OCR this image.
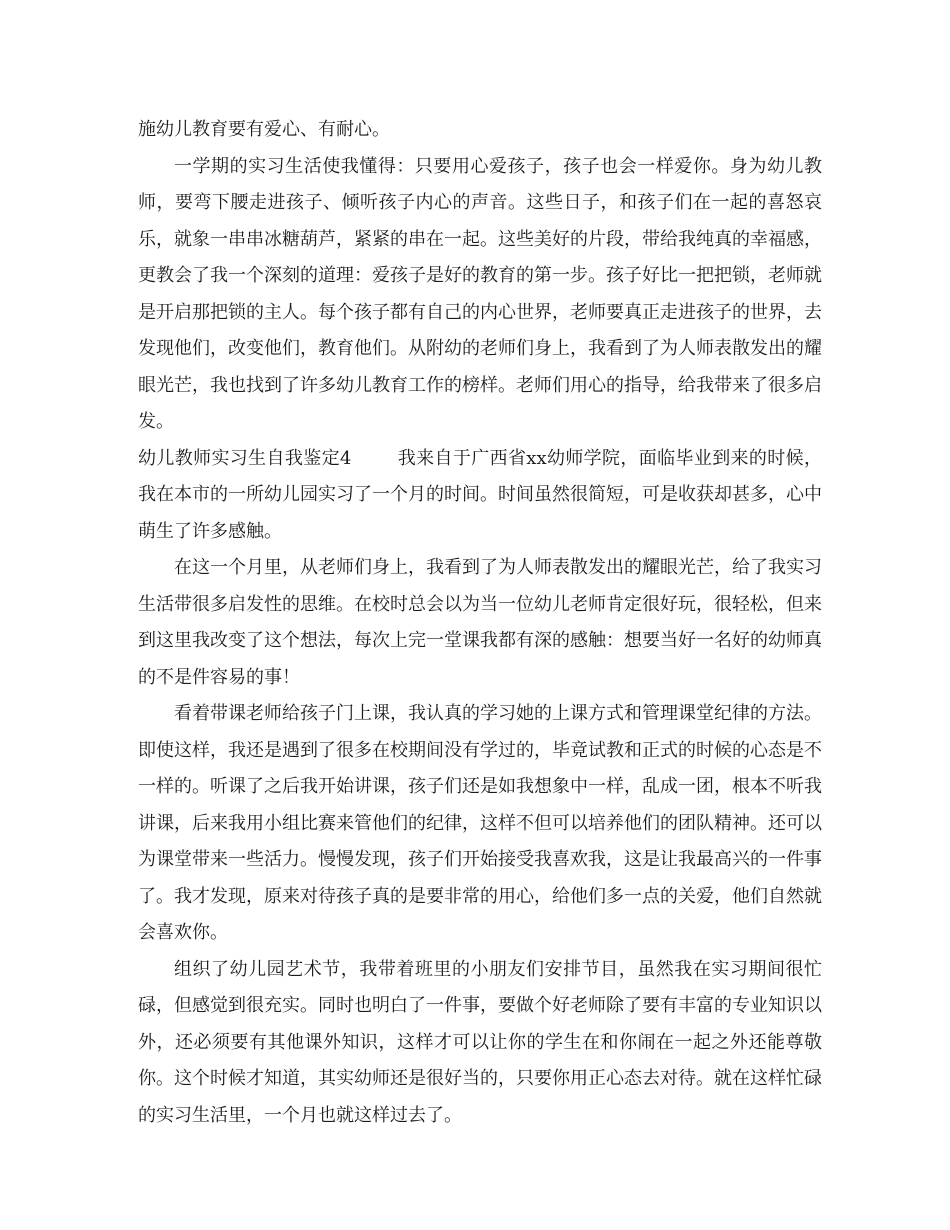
施幼儿教育要有爱心、有耐心。

一学期的实习生活使我懂得：只要用心爱孩子，孩子也会一样爱你。身为幼儿教师，要弯下腰走进孩子、倾听孩子内心的声音。这些日子，和孩子们在一起的喜怒哀乐，就象一串串冰糖葫芦，紧紧的串在一起。这些美好的片段，带给我纯真的幸福感，更教会了我一个深刻的道理：爱孩子是好的教育的第一步。孩子好比一把把锁，老师就是开启那把锁的主人。每个孩子都有自己的内心世界，老师要真正走进孩子的世界，去发现他们，改变他们，教育他们。从附幼的老师们身上，我看到了为人师表散发出的耀眼光芒，我也找到了许多幼儿教育工作的榜样。老师们用心的指导，给我带来了很多启发。

幼儿教师实习生自我鉴定4	我来自于广西省xx幼师学院，面临毕业到来的时候，我在本市的一所幼儿园实习了一个月的时间。时间虽然很简短，可是收获却甚多，心中萌生了许多感触。

在这一个月里，从老师们身上，我看到了为人师表散发出的耀眼光芒，给了我实习生活带很多启发性的思维。在校时总会以为当一位幼儿老师肯定很好玩，很轻松，但来到这里我改变了这个想法，每次上完一堂课我都有深的感触：想要当好一名好的幼师真的不是件容易的事！

看着带课老师给孩子门上课，我认真的学习她的上课方式和管理课堂纪律的方法。即使这样，我还是遇到了很多在校期间没有学过的，毕竟试教和正式的时候的心态是不一样的。听课了之后我开始讲课，孩子们还是如我想象中一样，乱成一团，根本不听我讲课，后来我用小组比赛来管他们的纪律，这样不但可以培养他们的团队精神。还可以为课堂带来一些活力。慢慢发现，孩子们开始接受我喜欢我，这是让我最高兴的一件事了。我才发现，原来对待孩子真的是要非常的用心，给他们多一点的关爱，他们自然就会喜欢你。

组织了幼儿园艺术节，我带着班里的小朋友们安排节目，虽然我在实习期间很忙碌，但感觉到很充实。同时也明白了一件事，要做个好老师除了要有丰富的专业知识以外，还必须要有其他课外知识，这样才可以让你的学生在和你闹在一起之外还能尊敬你。这个时候才知道，其实幼师还是很好当的，只要你用正心态去对待。就在这样忙碌的实习生活里，一个月也就这样过去了。
